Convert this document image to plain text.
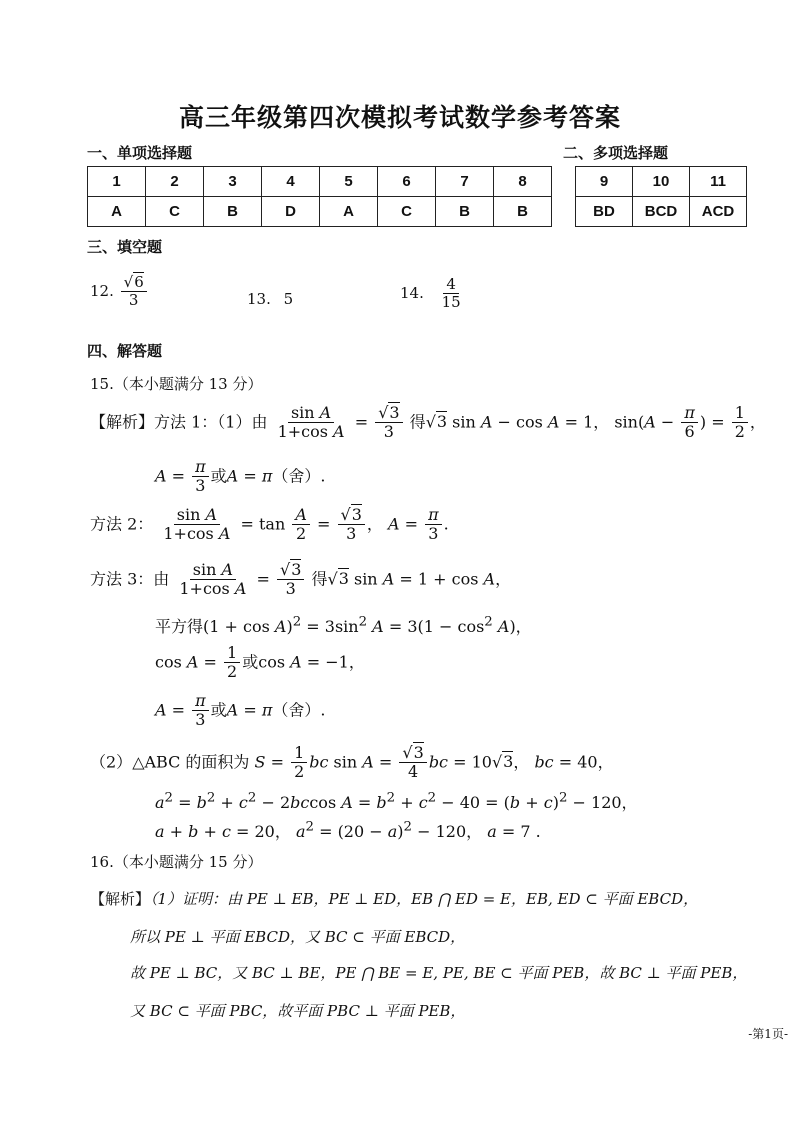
高三年级第四次模拟考试数学参考答案
一、单项选择题	二、多项选择题
1	2	3	4	5	6	7	8
A	C	B	D	A	C	B	B
9	10	11
BD	BCD	ACD
三、填空题
12. $\frac{√6}{3}$	13. 5	14. $\frac{4}{15}$
四、解答题
15.（本小题满分 13 分）
【解析】方法 1：（1）由 $\frac{\text{sin A}}{\text{1+cos A}} = \frac{√3}{3}$ 得√3 sin A − cos A = 1， $\sin(A - \frac{\pi}{6}$ ) = $\frac{1}{2}$ ，
$A = \frac{\pi}{3}$ 或A = π（舍）.
方法 2： $\frac{\text{sin A}}{\text{1+cos A}} = \tan \frac{A}{2} = \frac{√3}{3}$ ， $A = \frac{\pi}{3}$ .
方法 3：由 $\frac{\text{sin A}}{\text{1+cos A}} = \frac{√3}{3}$ 得√3 sin A = 1 + cos A，
平方得$(1 + \cos A)^2 = 3\sin^2$ $A = 3(1 - \cos^2 A)$，
$\cos A = \frac{1}{2}$ 或cos A = −1，
$A = \frac{\pi}{3}$ 或A = π（舍）.
（2）△ABC 的面积为 $S = \frac{1}{2}$ bc $\sin A = \frac{√3}{4}$ bc = 10√3， bc = 40，
$a^2 = b^2 + c^2 - 2bccos$ $A = b^2 + c^2 - 40 = (b + c)^2 - 120$，
a + b + c = 20， $a^2 = (20 - a)^2 - 120$， a = 7 .
16.（本小题满分 15 分）
【解析】（1）证明：由 PE ⊥ EB，PE ⊥ ED，EB ⋂ ED = E，EB, ED ⊂ 平面 EBCD，
所以 PE ⊥ 平面 EBCD，又 BC ⊂ 平面 EBCD，
故 PE ⊥ BC，又 BC ⊥ BE，PE ⋂ BE = E, PE, BE ⊂ 平面 PEB，故 BC ⊥ 平面 PEB，
又 BC ⊂ 平面 PBC，故平面 PBC ⊥ 平面 PEB，
-第1页-
